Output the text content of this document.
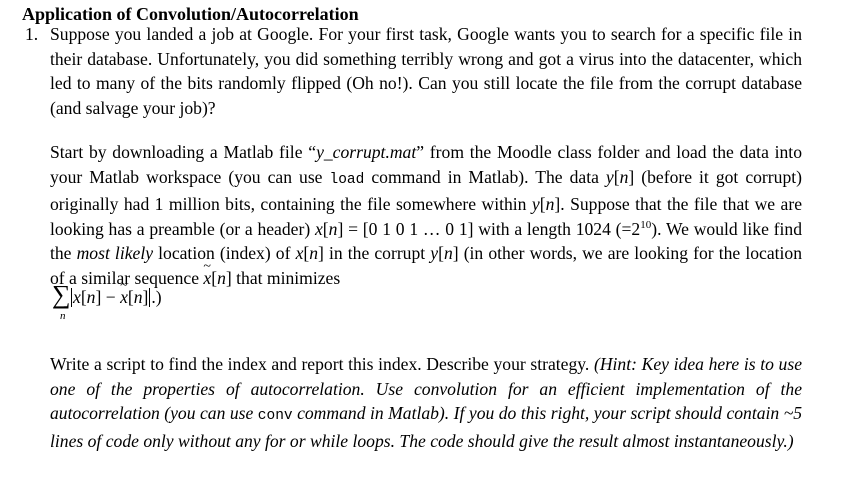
Application of Convolution/Autocorrelation
1. Suppose you landed a job at Google. For your first task, Google wants you to search for a specific file in their database. Unfortunately, you did something terribly wrong and got a virus into the datacenter, which led to many of the bits randomly flipped (Oh no!). Can you still locate the file from the corrupt database (and salvage your job)?

Start by downloading a Matlab file “y_corrupt.mat” from the Moodle class folder and load the data into your Matlab workspace (you can use load command in Matlab). The data y[n] (before it got corrupt) originally had 1 million bits, containing the file somewhere within y[n]. Suppose that the file that we are looking has a preamble (or a header) x[n] = [0 1 0 1 … 0 1] with a length 1024 $(=2^{10})$. We would like find the most likely location (index) of x[n] in the corrupt y[n] (in other words, we are looking for the location of a similar sequence ~ x[n] that minimizes

∑
n
x[n] − ~ x[n] .)

Write a script to find the index and report this index. Describe your strategy. (Hint: Key idea here is to use one of the properties of autocorrelation. Use convolution for an efficient implementation of the autocorrelation (you can use conv command in Matlab). If you do this right, your script should contain ~5 lines of code only without any for or while loops. The code should give the result almost instantaneously.)
